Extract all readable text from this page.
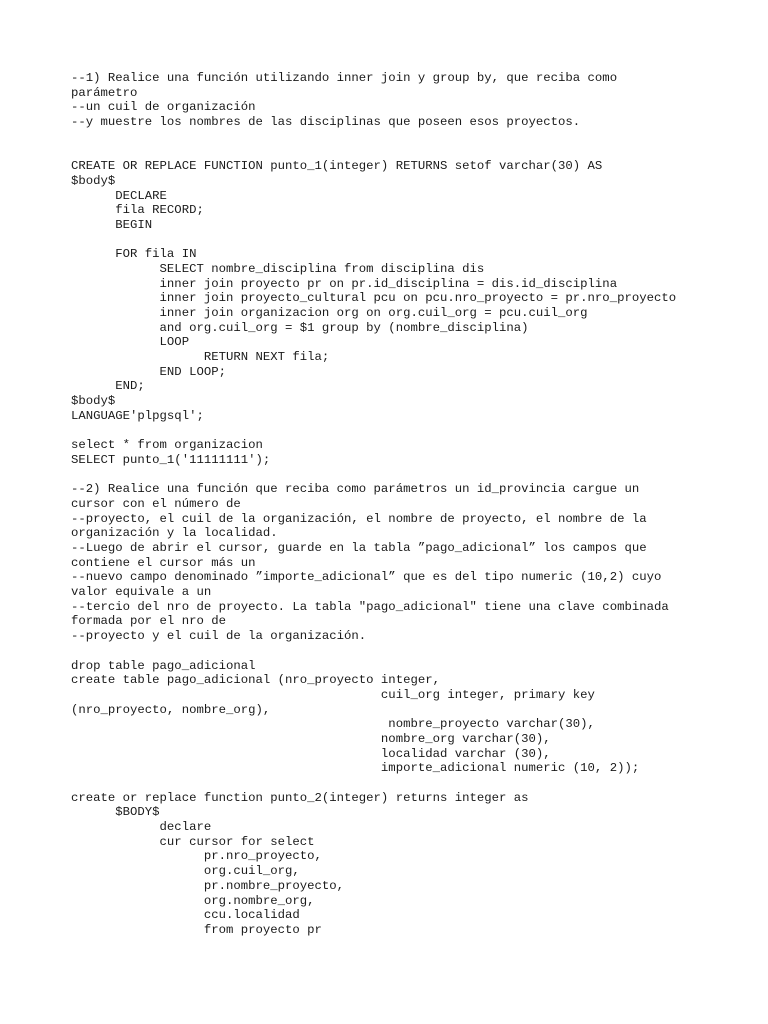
--1) Realice una función utilizando inner join y group by, que reciba como
parámetro
--un cuil de organización
--y muestre los nombres de las disciplinas que poseen esos proyectos.
CREATE OR REPLACE FUNCTION punto_1(integer) RETURNS setof varchar(30) AS
$body$
DECLARE
fila RECORD;
BEGIN
FOR fila IN
SELECT nombre_disciplina from disciplina dis
inner join proyecto pr on pr.id_disciplina = dis.id_disciplina
inner join proyecto_cultural pcu on pcu.nro_proyecto = pr.nro_proyecto
inner join organizacion org on org.cuil_org = pcu.cuil_org
and org.cuil_org = $1 group by (nombre_disciplina)
LOOP
RETURN NEXT fila;
END LOOP;
END;
$body$
LANGUAGE'plpgsql';
select * from organizacion
SELECT punto_1('11111111');
--2) Realice una función que reciba como parámetros un id_provincia cargue un
cursor con el número de
--proyecto, el cuil de la organización, el nombre de proyecto, el nombre de la
organización y la localidad.
--Luego de abrir el cursor, guarde en la tabla ”pago_adicional” los campos que
contiene el cursor más un
--nuevo campo denominado ”importe_adicional” que es del tipo numeric (10,2) cuyo
valor equivale a un
--tercio del nro de proyecto. La tabla "pago_adicional" tiene una clave combinada
formada por el nro de
--proyecto y el cuil de la organización.
drop table pago_adicional
create table pago_adicional (nro_proyecto integer,
cuil_org integer, primary key
(nro_proyecto, nombre_org),
nombre_proyecto varchar(30),
nombre_org varchar(30),
localidad varchar (30),
importe_adicional numeric (10, 2));
create or replace function punto_2(integer) returns integer as
$BODY$
declare
cur cursor for select
pr.nro_proyecto,
org.cuil_org,
pr.nombre_proyecto,
org.nombre_org,
ccu.localidad
from proyecto pr
